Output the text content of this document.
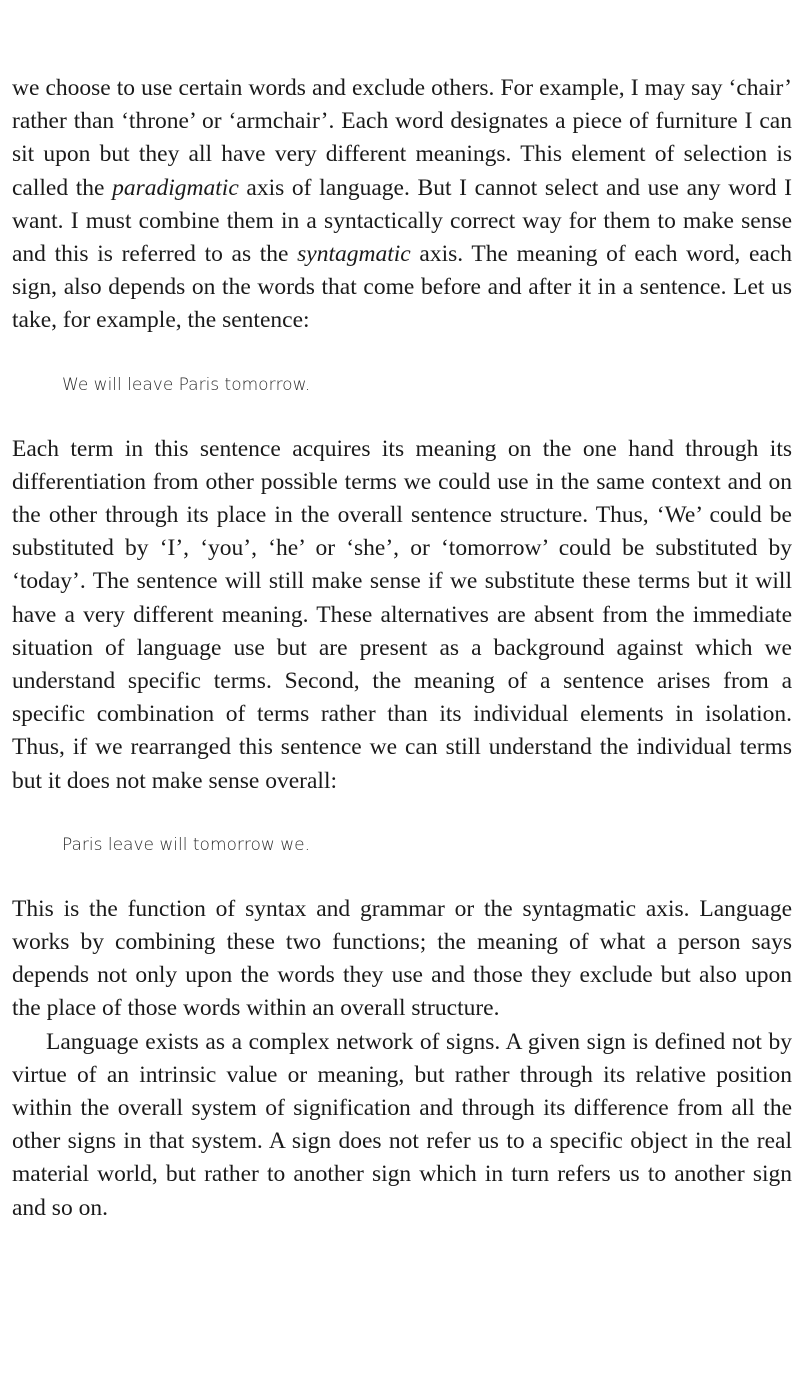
we choose to use certain words and exclude others. For example, I may say ‘chair’ rather than ‘throne’ or ‘armchair’. Each word designates a piece of furniture I can sit upon but they all have very different meanings. This element of selection is called the paradigmatic axis of language. But I cannot select and use any word I want. I must combine them in a syntactically correct way for them to make sense and this is referred to as the syntagmatic axis. The meaning of each word, each sign, also depends on the words that come before and after it in a sentence. Let us take, for example, the sentence:

We will leave Paris tomorrow.

Each term in this sentence acquires its meaning on the one hand through its differentiation from other possible terms we could use in the same context and on the other through its place in the overall sentence structure. Thus, ‘We’ could be substituted by ‘I’, ‘you’, ‘he’ or ‘she’, or ‘tomorrow’ could be substituted by ‘today’. The sentence will still make sense if we substitute these terms but it will have a very different meaning. These alternatives are absent from the immediate situation of language use but are present as a background against which we understand specific terms. Second, the meaning of a sentence arises from a specific combination of terms rather than its individual elements in isolation. Thus, if we rearranged this sentence we can still understand the individual terms but it does not make sense overall:

Paris leave will tomorrow we.

This is the function of syntax and grammar or the syntagmatic axis. Language works by combining these two functions; the meaning of what a person says depends not only upon the words they use and those they exclude but also upon the place of those words within an overall structure.

Language exists as a complex network of signs. A given sign is defined not by virtue of an intrinsic value or meaning, but rather through its relative position within the overall system of signification and through its difference from all the other signs in that system. A sign does not refer us to a specific object in the real material world, but rather to another sign which in turn refers us to another sign and so on.
